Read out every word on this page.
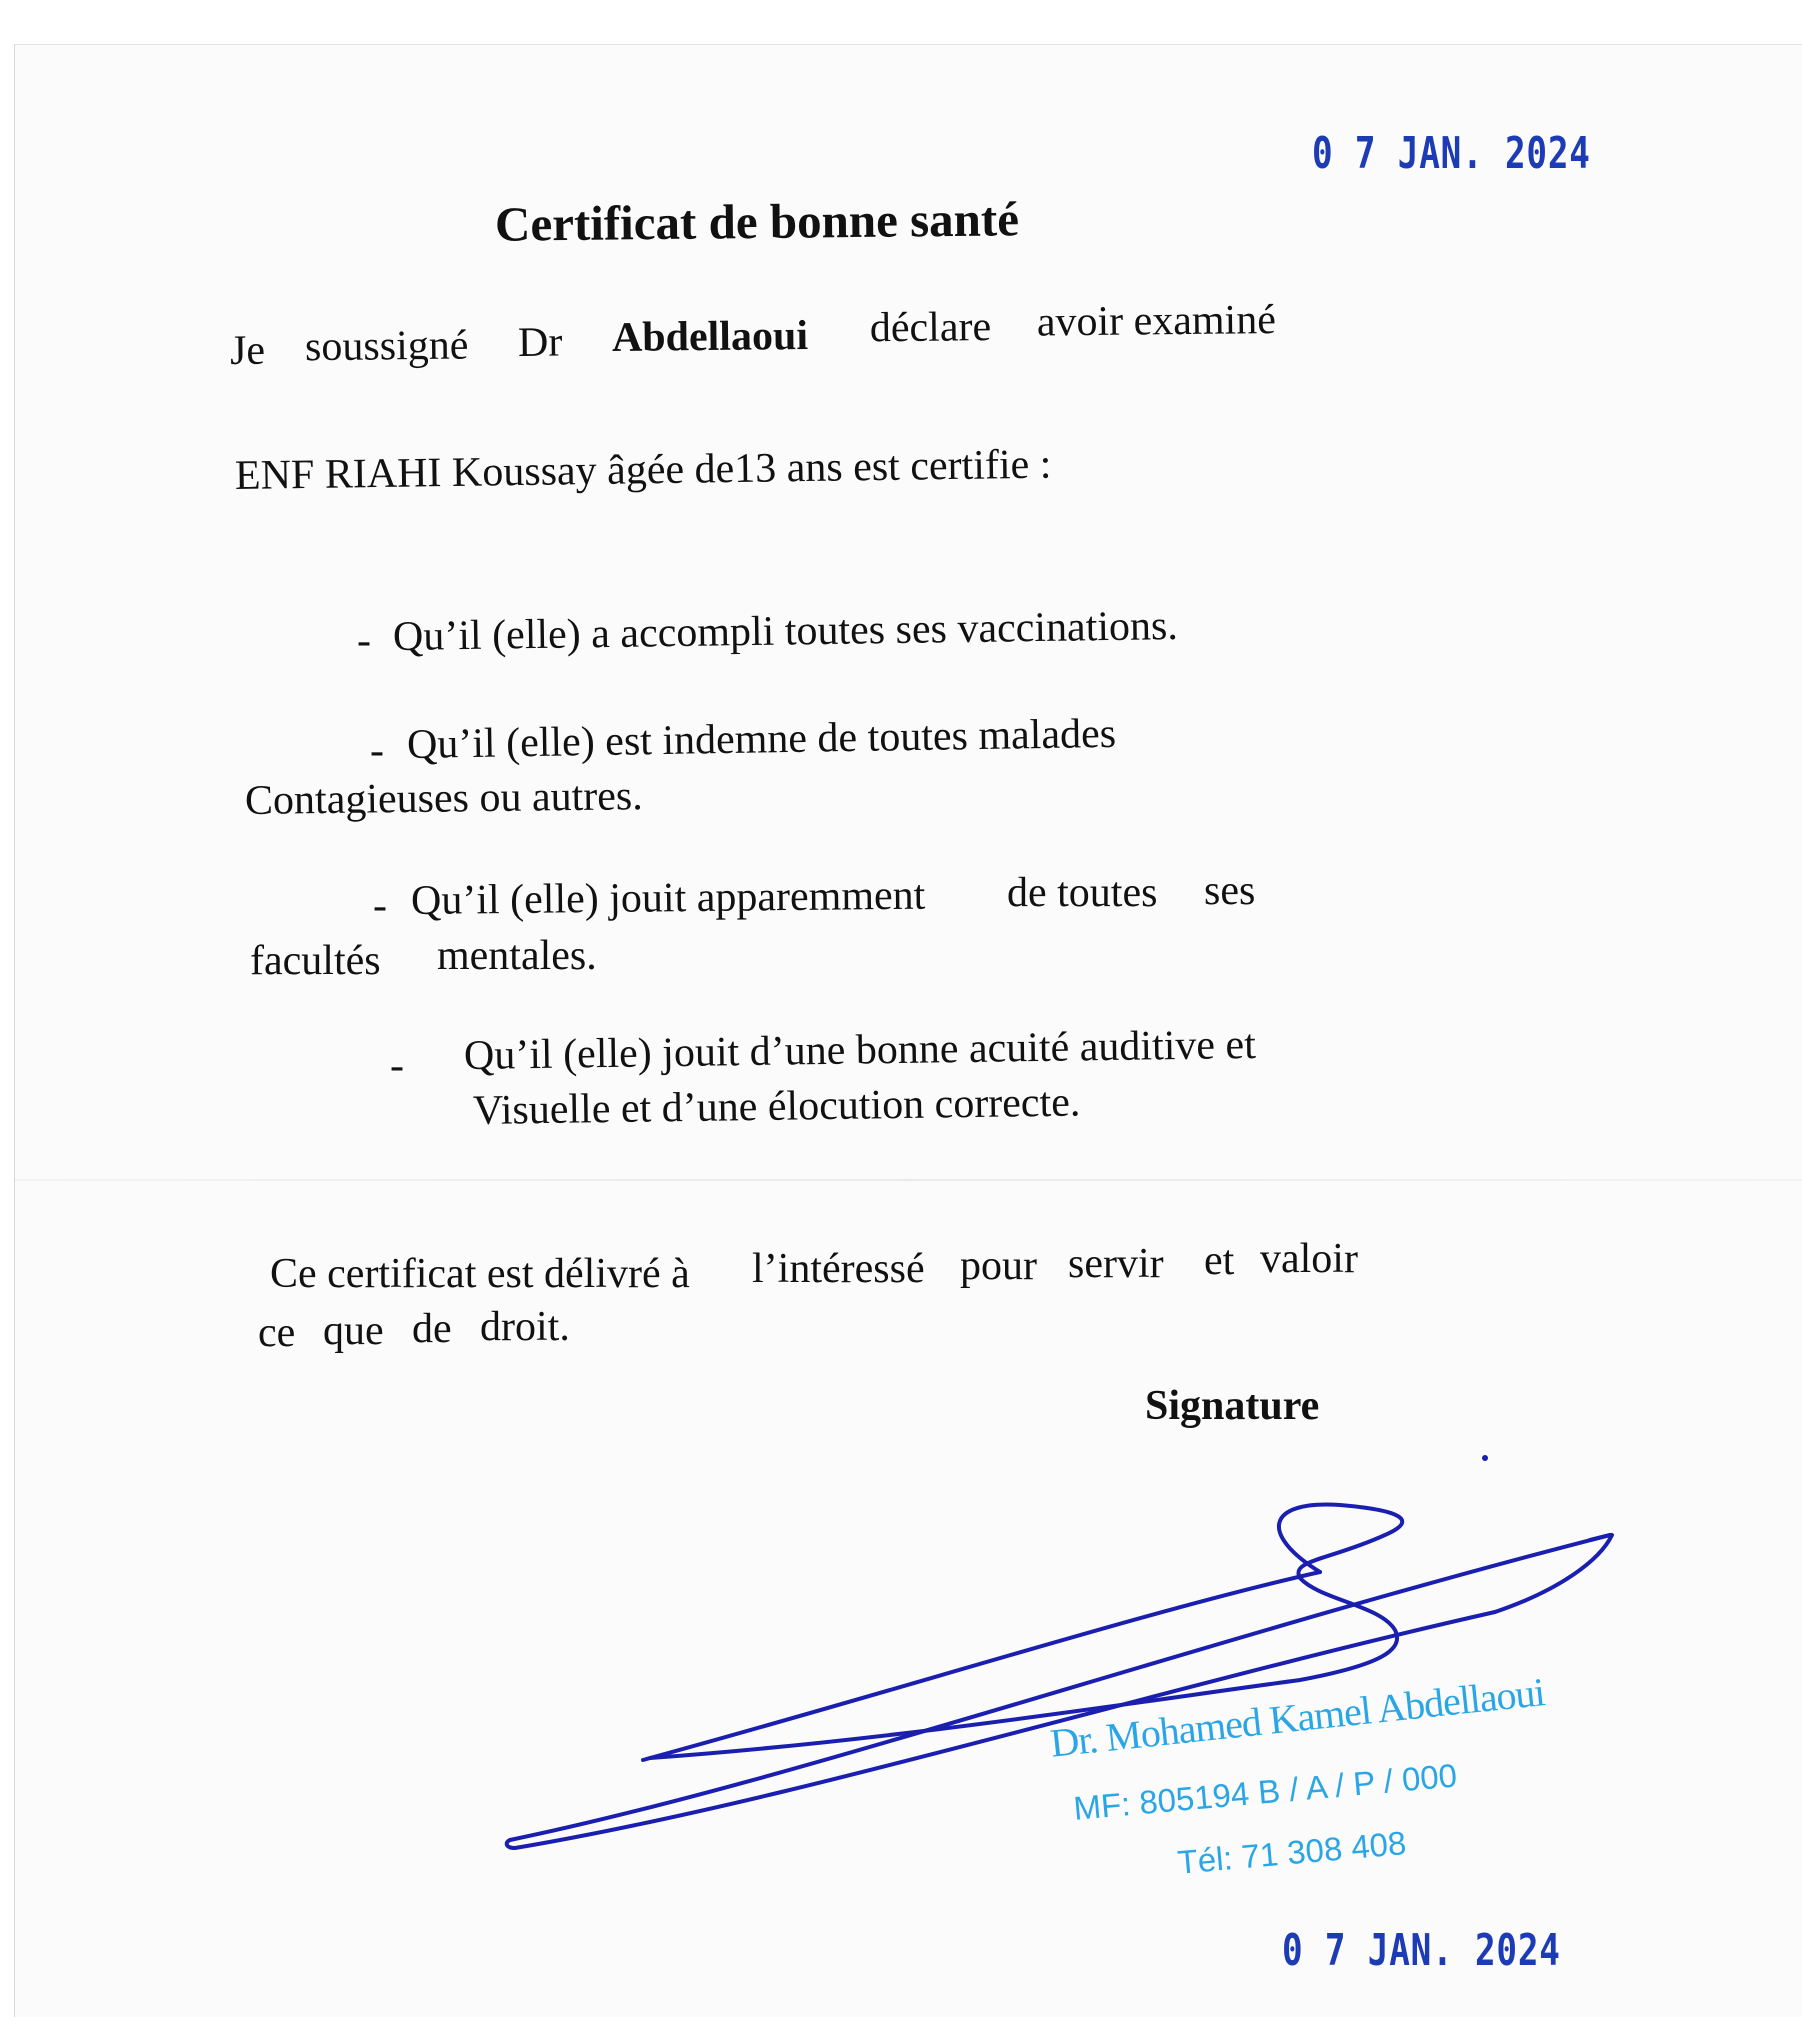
0 7 JAN. 2024
Certificat de bonne santé
Je soussigné Dr Abdellaoui déclare avoir examiné
ENF RIAHI Koussay âgée de13 ans est certifie :
- Qu’il (elle) a accompli toutes ses vaccinations.
- Qu’il (elle) est indemne de toutes malades
Contagieuses ou autres.
- Qu’il (elle) jouit apparemment de toutes ses
facultés mentales.
- Qu’il (elle) jouit d’une bonne acuité auditive et
Visuelle et d’une élocution correcte.
Ce certificat est délivré à l’intéressé pour servir et valoir
ce que de droit.
Signature
Dr. Mohamed Kamel Abdellaoui
MF: 805194 B / A / P / 000
Tél: 71 308 408
0 7 JAN. 2024
